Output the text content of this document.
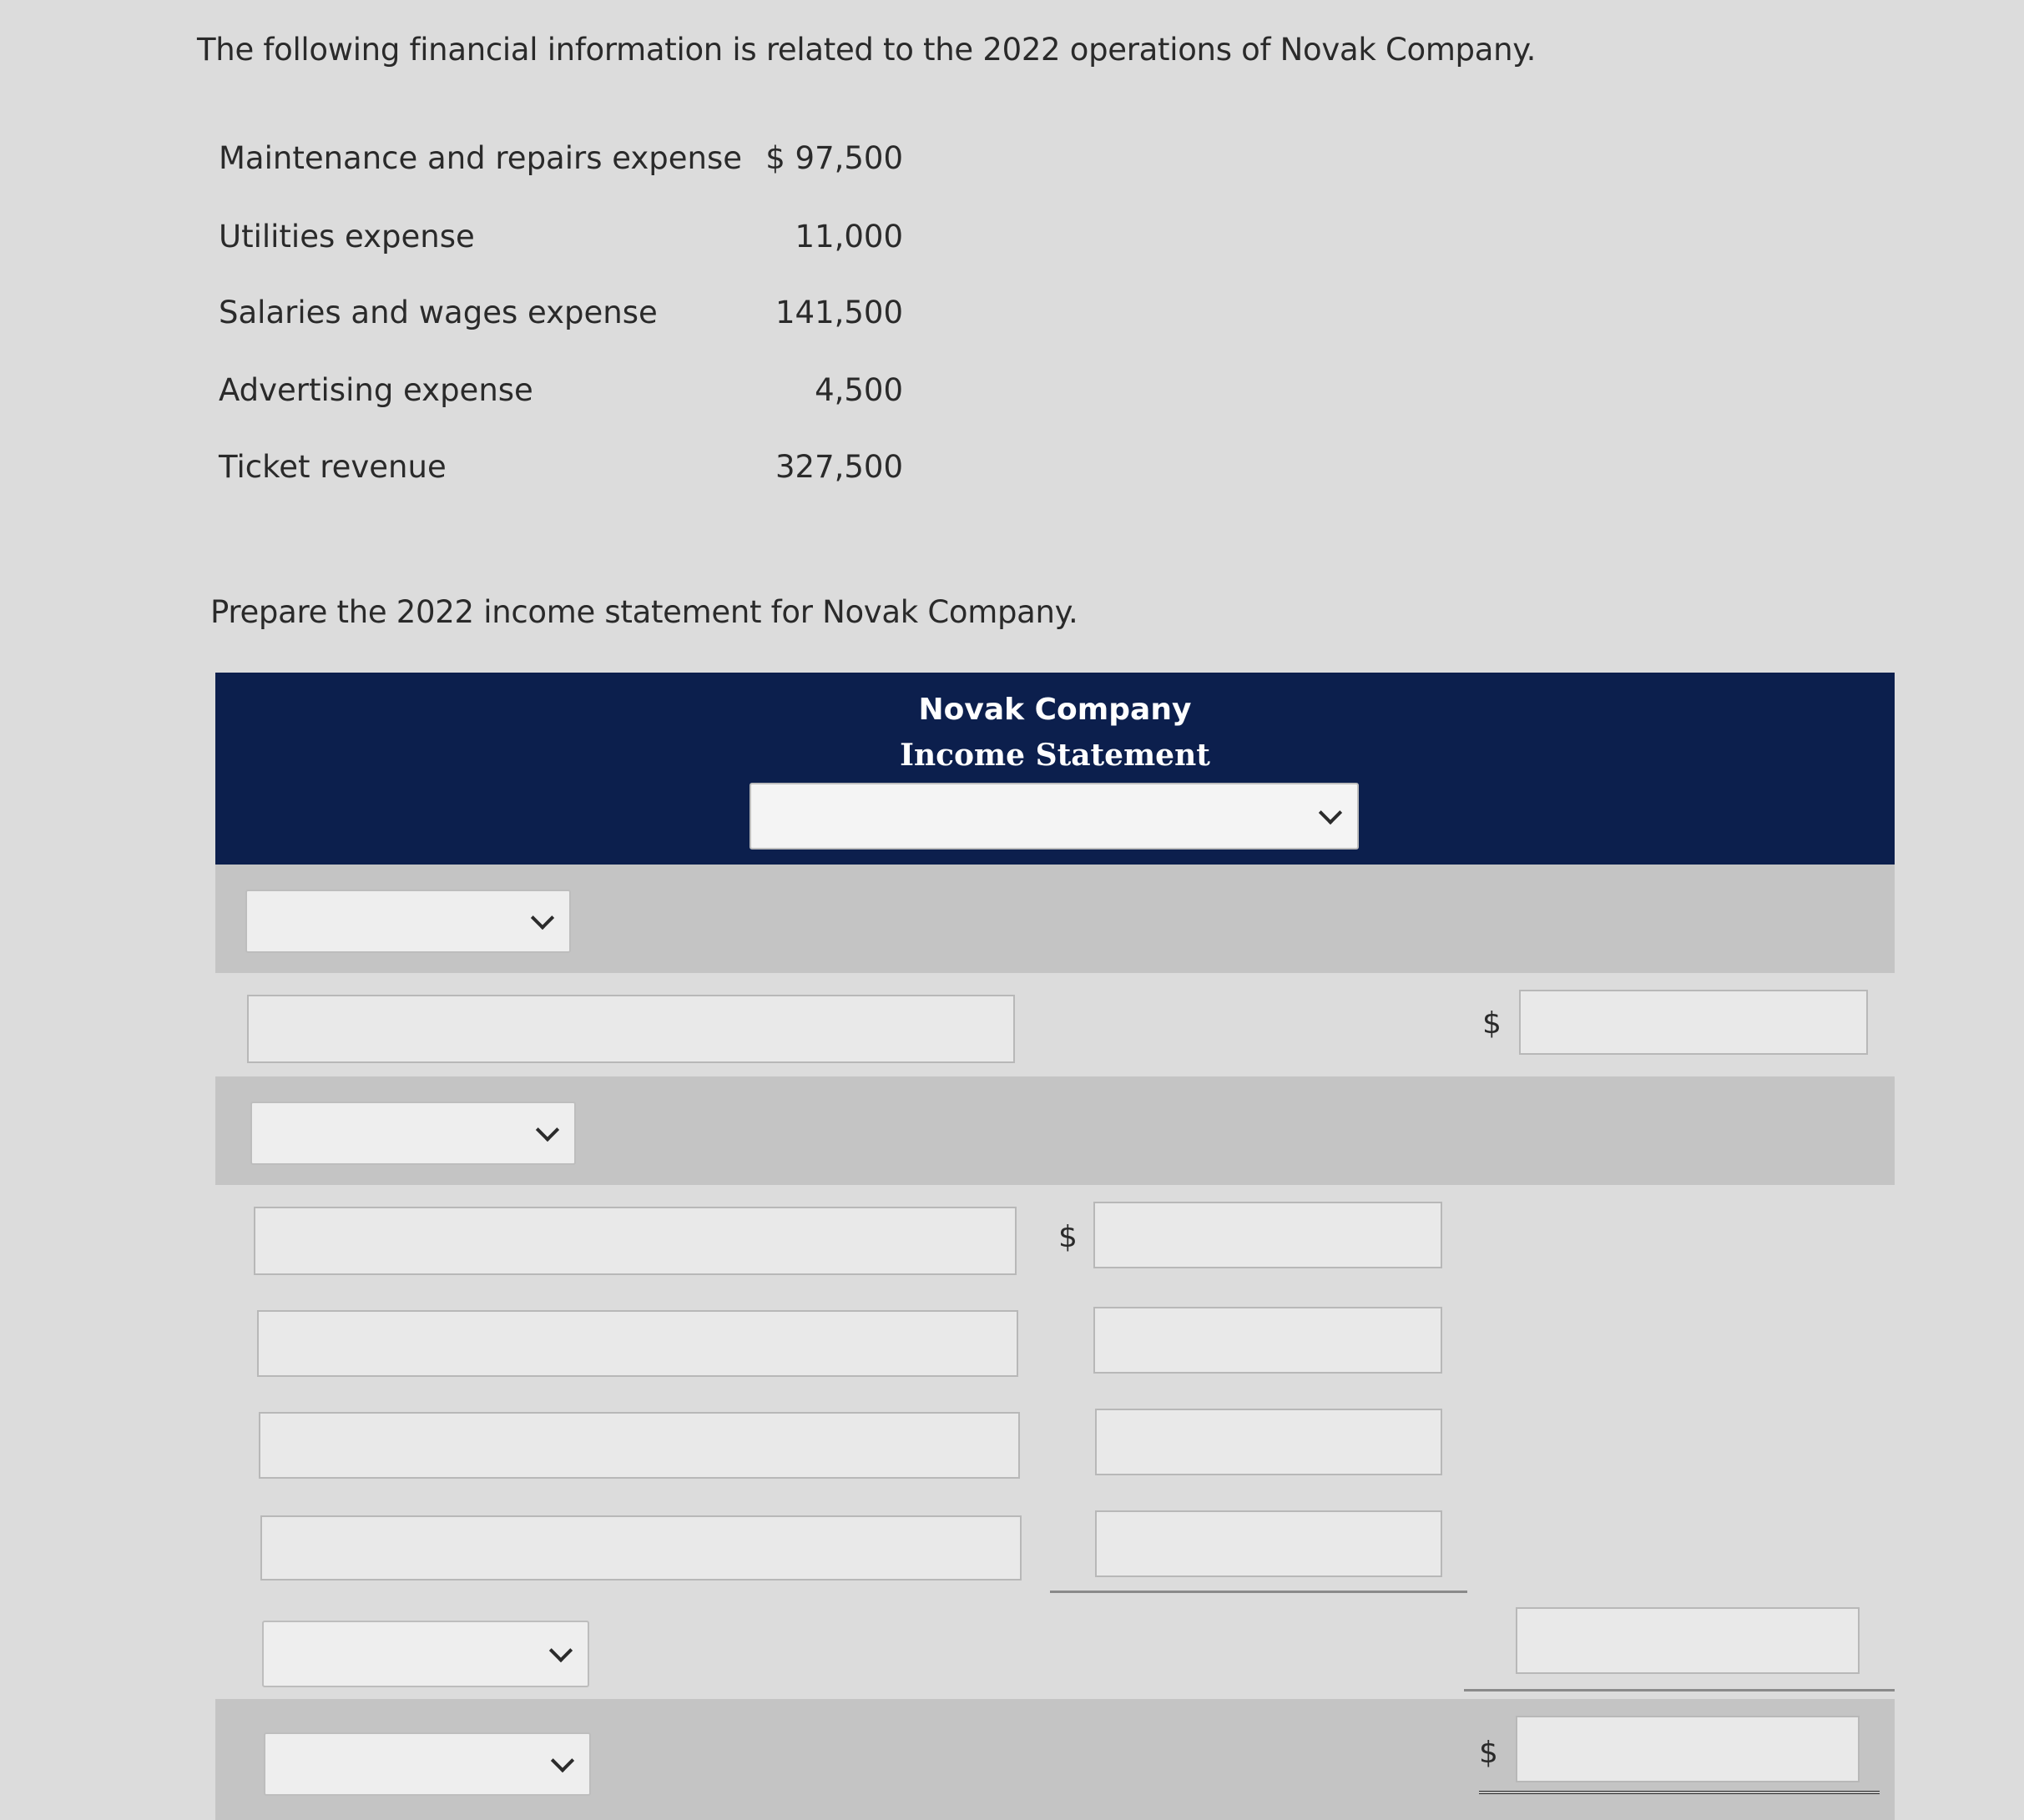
The following financial information is related to the 2022 operations of Novak Company.
Maintenance and repairs expense $ 97,500
Utilities expense	11,000
Salaries and wages expense	141,500
Advertising expense	4,500
Ticket revenue	327,500
Prepare the 2022 income statement for Novak Company.
Novak Company
Income Statement
$
$
$
